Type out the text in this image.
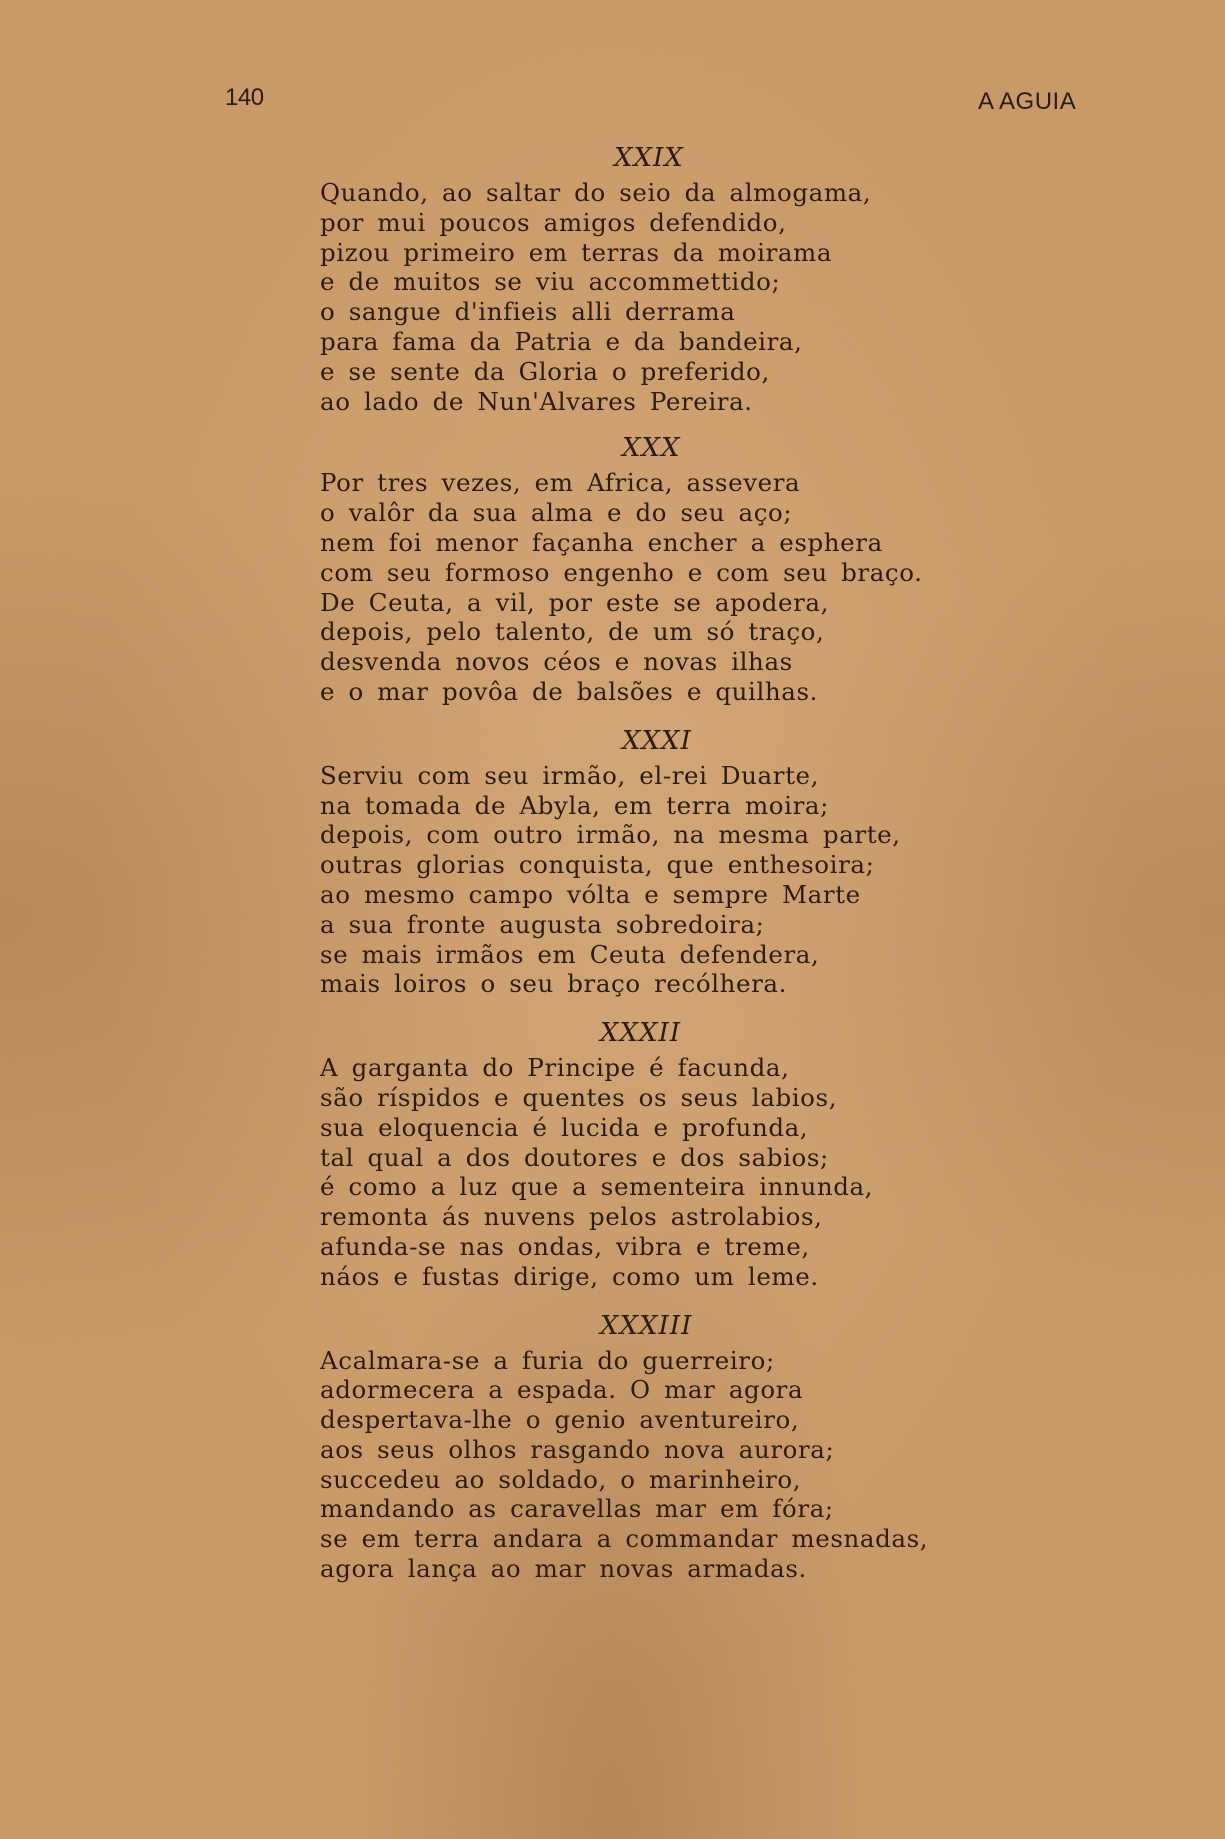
140	A AGUIA
XXIX
Quando, ao saltar do seio da almogama,
por mui poucos amigos defendido,
pizou primeiro em terras da moirama
e de muitos se viu accommettido;
o sangue d'infieis alli derrama
para fama da Patria e da bandeira,
e se sente da Gloria o preferido,
ao lado de Nun'Alvares Pereira.
XXX
Por tres vezes, em Africa, assevera
o valôr da sua alma e do seu aço;
nem foi menor façanha encher a esphera
com seu formoso engenho e com seu braço.
De Ceuta, a vil, por este se apodera,
depois, pelo talento, de um só traço,
desvenda novos céos e novas ilhas
e o mar povôa de balsões e quilhas.
XXXI
Serviu com seu irmão, el-rei Duarte,
na tomada de Abyla, em terra moira;
depois, com outro irmão, na mesma parte,
outras glorias conquista, que enthesoira;
ao mesmo campo vólta e sempre Marte
a sua fronte augusta sobredoira;
se mais irmãos em Ceuta defendera,
mais loiros o seu braço recólhera.
XXXII
A garganta do Principe é facunda,
são ríspidos e quentes os seus labios,
sua eloquencia é lucida e profunda,
tal qual a dos doutores e dos sabios;
é como a luz que a sementeira innunda,
remonta ás nuvens pelos astrolabios,
afunda-se nas ondas, vibra e treme,
náos e fustas dirige, como um leme.
XXXIII
Acalmara-se a furia do guerreiro;
adormecera a espada. O mar agora
despertava-lhe o genio aventureiro,
aos seus olhos rasgando nova aurora;
succedeu ao soldado, o marinheiro,
mandando as caravellas mar em fóra;
se em terra andara a commandar mesnadas,
agora lança ao mar novas armadas.
